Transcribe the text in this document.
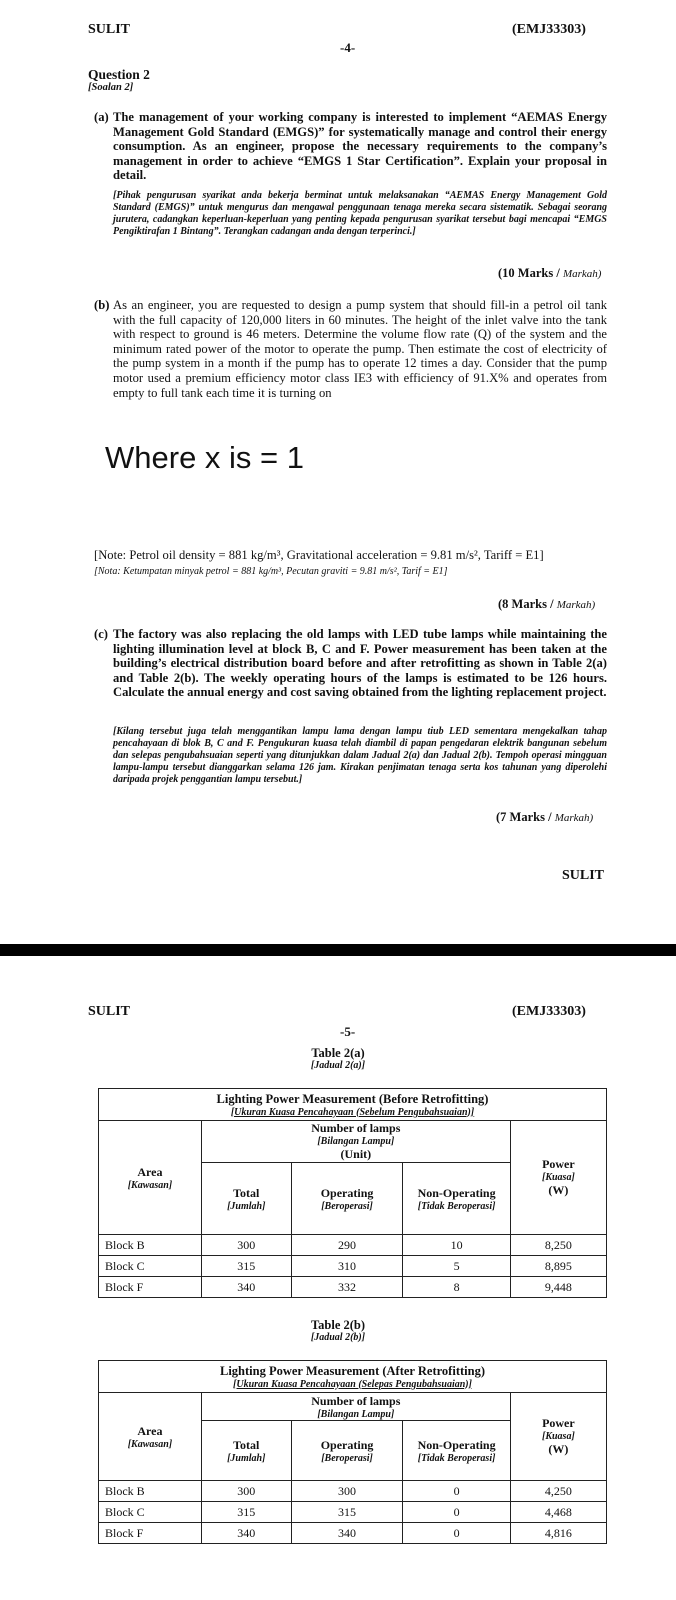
SULIT	(EMJ33303)
-4-
Question 2
[Soalan 2]
(a) The management of your working company is interested to implement “AEMAS Energy Management Gold Standard (EMGS)” for systematically manage and control their energy consumption. As an engineer, propose the necessary requirements to the company’s management in order to achieve “EMGS 1 Star Certification”. Explain your proposal in detail.
[Pihak pengurusan syarikat anda bekerja berminat untuk melaksanakan “AEMAS Energy Management Gold Standard (EMGS)” untuk mengurus dan mengawal penggunaan tenaga mereka secara sistematik. Sebagai seorang jurutera, cadangkan keperluan-keperluan yang penting kepada pengurusan syarikat tersebut bagi mencapai “EMGS Pengiktirafan 1 Bintang”. Terangkan cadangan anda dengan terperinci.]
(10 Marks / Markah)
(b) As an engineer, you are requested to design a pump system that should fill-in a petrol oil tank with the full capacity of 120,000 liters in 60 minutes. The height of the inlet valve into the tank with respect to ground is 46 meters. Determine the volume flow rate (Q) of the system and the minimum rated power of the motor to operate the pump. Then estimate the cost of electricity of the pump system in a month if the pump has to operate 12 times a day. Consider that the pump motor used a premium efficiency motor class IE3 with efficiency of 91.X% and operates from empty to full tank each time it is turning on
Where x is = 1
[Note: Petrol oil density = 881 kg/m³, Gravitational acceleration = 9.81 m/s², Tariff = E1]
[Nota: Ketumpatan minyak petrol = 881 kg/m³, Pecutan graviti = 9.81 m/s², Tarif = E1]
(8 Marks / Markah)
(c) The factory was also replacing the old lamps with LED tube lamps while maintaining the lighting illumination level at block B, C and F. Power measurement has been taken at the building’s electrical distribution board before and after retrofitting as shown in Table 2(a) and Table 2(b). The weekly operating hours of the lamps is estimated to be 126 hours. Calculate the annual energy and cost saving obtained from the lighting replacement project.
[Kilang tersebut juga telah menggantikan lampu lama dengan lampu tiub LED sementara mengekalkan tahap pencahayaan di blok B, C and F. Pengukuran kuasa telah diambil di papan pengedaran elektrik bangunan sebelum dan selepas pengubahsuaian seperti yang ditunjukkan dalam Jadual 2(a) dan Jadual 2(b). Tempoh operasi mingguan lampu-lampu tersebut dianggarkan selama 126 jam. Kirakan penjimatan tenaga serta kos tahunan yang diperolehi daripada projek penggantian lampu tersebut.]
(7 Marks / Markah)
SULIT
SULIT	(EMJ33303)
-5-
Table 2(a)
[Jadual 2(a)]
Lighting Power Measurement (Before Retrofitting)
[Ukuran Kuasa Pencahayaan (Sebelum Pengubahsuaian)]				

Area
[Kawasan]	Number of lamps
[Bilangan Lampu]
(Unit)			Power
[Kuasa]
(W)
	Total
[Jumlah]	Operating
[Beroperasi]	Non-Operating
[Tidak Beroperasi]	

Block B	300	290	10	8,250
Block C	315	310	5	8,895
Block F	340	332	8	9,448
Table 2(b)
[Jadual 2(b)]
Lighting Power Measurement (After Retrofitting)
[Ukuran Kuasa Pencahayaan (Selepas Pengubahsuaian)]				

Area
[Kawasan]	Number of lamps
[Bilangan Lampu]			Power
[Kuasa]
(W)
	Total
[Jumlah]	Operating
[Beroperasi]	Non-Operating
[Tidak Beroperasi]	

Block B	300	300	0	4,250
Block C	315	315	0	4,468
Block F	340	340	0	4,816
